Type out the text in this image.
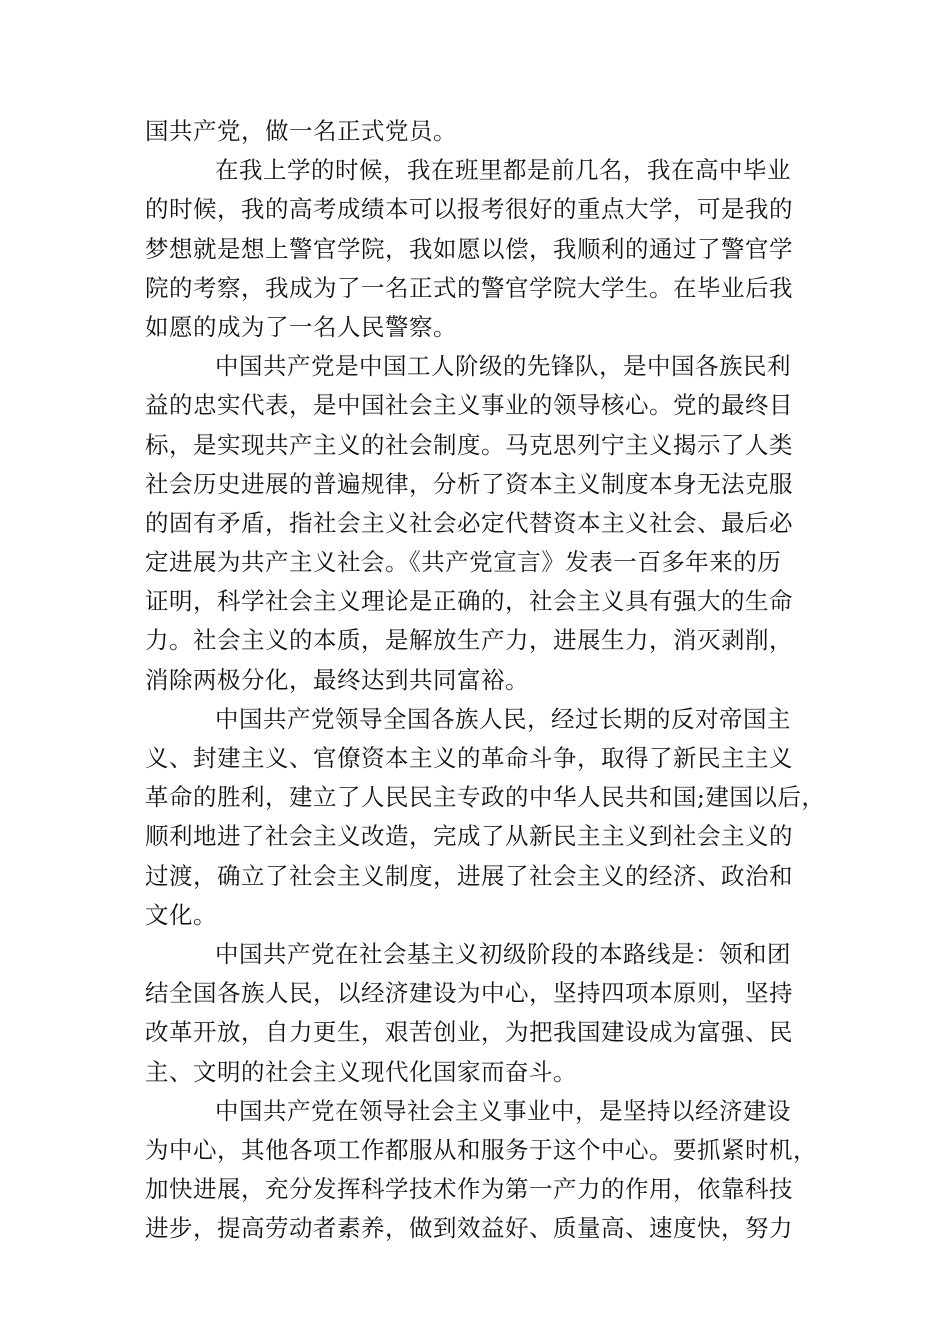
国共产党，做一名正式党员。
在我上学的时候，我在班里都是前几名，我在高中毕业
的时候，我的高考成绩本可以报考很好的重点大学，可是我的
梦想就是想上警官学院，我如愿以偿，我顺利的通过了警官学
院的考察，我成为了一名正式的警官学院大学生。在毕业后我
如愿的成为了一名人民警察。
中国共产党是中国工人阶级的先锋队，是中国各族民利
益的忠实代表，是中国社会主义事业的领导核心。党的最终目
标，是实现共产主义的社会制度。马克思列宁主义揭示了人类
社会历史进展的普遍规律，分析了资本主义制度本身无法克服
的固有矛盾，指社会主义社会必定代替资本主义社会、最后必
定进展为共产主义社会。《共产党宣言》发表一百多年来的历
证明，科学社会主义理论是正确的，社会主义具有强大的生命
力。社会主义的本质，是解放生产力，进展生力，消灭剥削，
消除两极分化，最终达到共同富裕。
中国共产党领导全国各族人民，经过长期的反对帝国主
义、封建主义、官僚资本主义的革命斗争，取得了新民主主义
革命的胜利，建立了人民民主专政的中华人民共和国;建国以后，
顺利地进了社会主义改造，完成了从新民主主义到社会主义的
过渡，确立了社会主义制度，进展了社会主义的经济、政治和
文化。
中国共产党在社会基主义初级阶段的本路线是：领和团
结全国各族人民，以经济建设为中心，坚持四项本原则，坚持
改革开放，自力更生，艰苦创业，为把我国建设成为富强、民
主、文明的社会主义现代化国家而奋斗。
中国共产党在领导社会主义事业中，是坚持以经济建设
为中心，其他各项工作都服从和服务于这个中心。要抓紧时机，
加快进展，充分发挥科学技术作为第一产力的作用，依靠科技
进步，提高劳动者素养，做到效益好、质量高、速度快，努力
